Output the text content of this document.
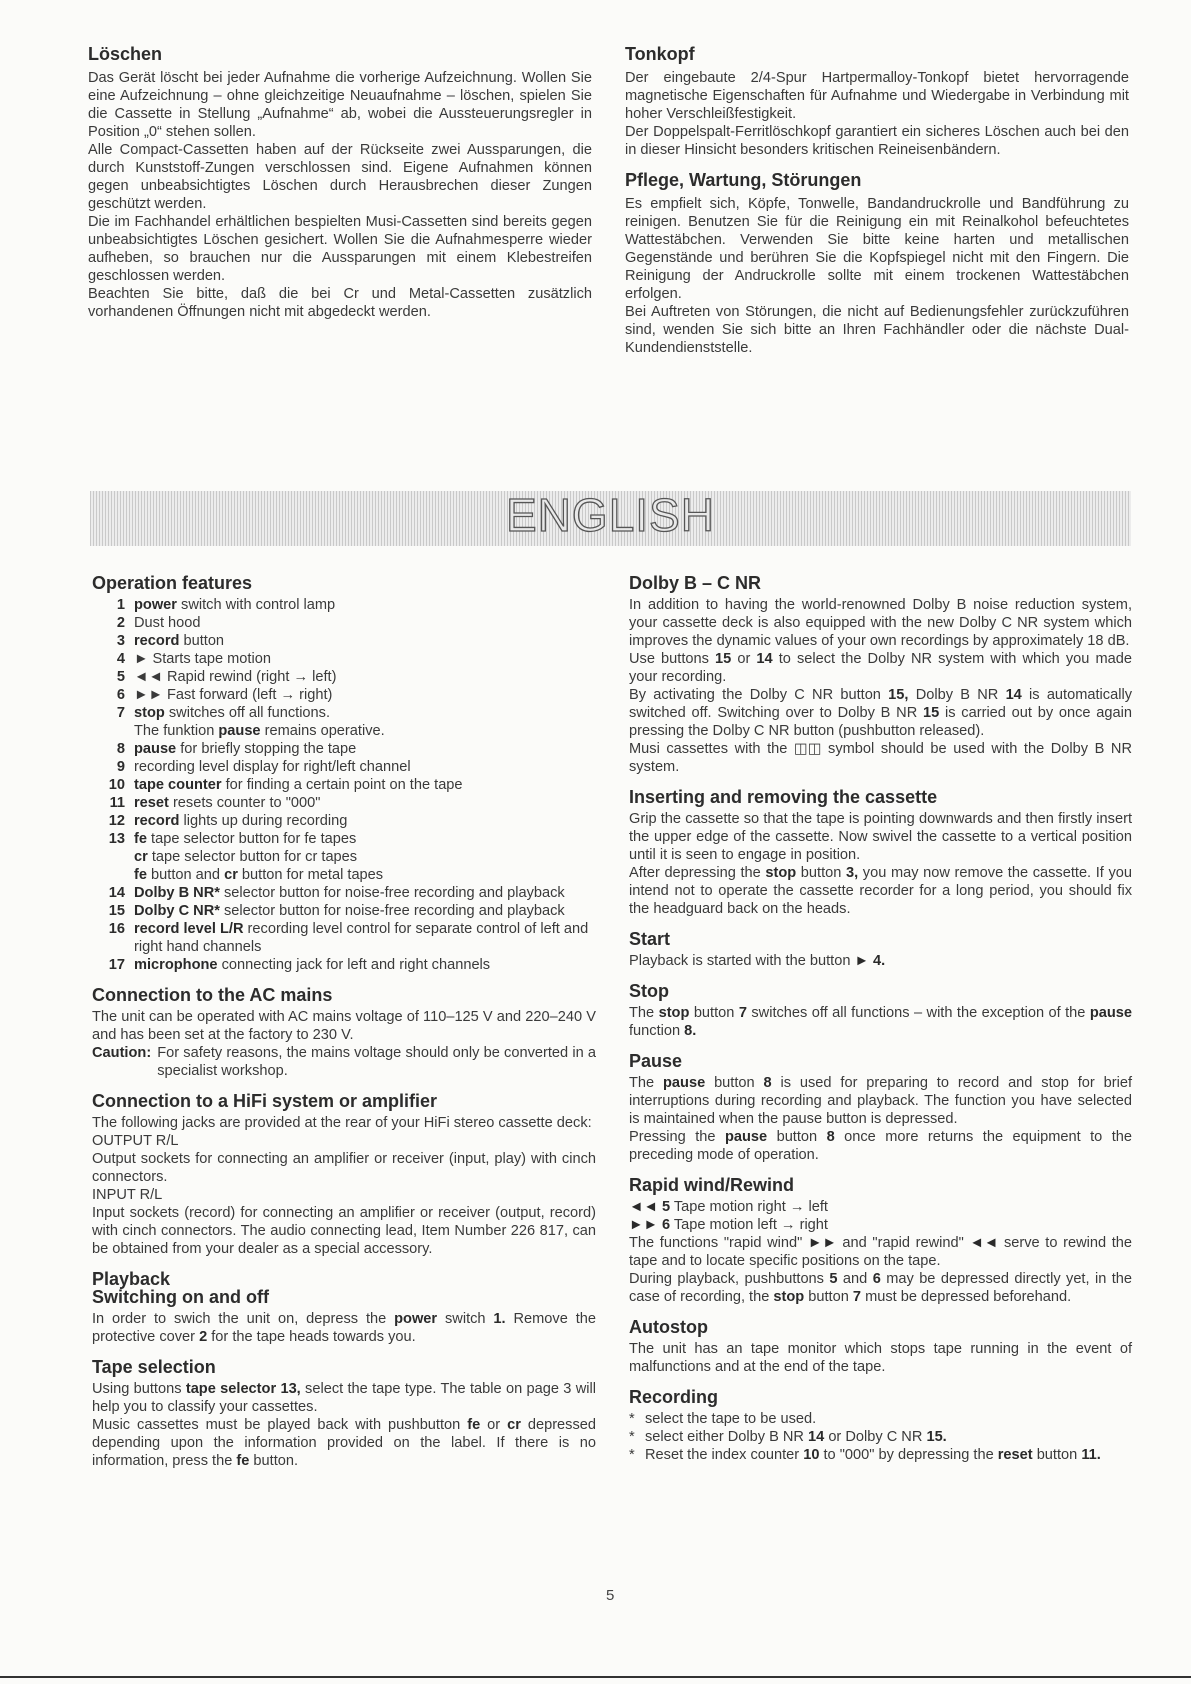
Löschen

Das Gerät löscht bei jeder Aufnahme die vorherige Aufzeichnung. Wollen Sie eine Aufzeichnung – ohne gleichzeitige Neuaufnahme – löschen, spielen Sie die Cassette in Stellung „Aufnahme“ ab, wobei die Aussteuerungsregler in Position „0“ stehen sollen.

Alle Compact-Cassetten haben auf der Rückseite zwei Aussparungen, die durch Kunststoff-Zungen verschlossen sind. Eigene Aufnahmen können gegen unbeabsichtigtes Löschen durch Herausbrechen dieser Zungen geschützt werden.

Die im Fachhandel erhältlichen bespielten Musi-Cassetten sind bereits gegen unbeabsichtigtes Löschen gesichert. Wollen Sie die Aufnahmesperre wieder aufheben, so brauchen nur die Aussparungen mit einem Klebestreifen geschlossen werden.

Beachten Sie bitte, daß die bei Cr und Metal-Cassetten zusätzlich vorhandenen Öffnungen nicht mit abgedeckt werden.

Tonkopf

Der eingebaute 2/4-Spur Hartpermalloy-Tonkopf bietet hervorragende magnetische Eigenschaften für Aufnahme und Wiedergabe in Verbindung mit hoher Verschleißfestigkeit.

Der Doppelspalt-Ferritlöschkopf garantiert ein sicheres Löschen auch bei den in dieser Hinsicht besonders kritischen Reineisenbändern.

Pflege, Wartung, Störungen

Es empfielt sich, Köpfe, Tonwelle, Bandandruckrolle und Bandführung zu reinigen. Benutzen Sie für die Reinigung ein mit Reinalkohol befeuchtetes Wattestäbchen. Verwenden Sie bitte keine harten und metallischen Gegenstände und berühren Sie die Kopfspiegel nicht mit den Fingern. Die Reinigung der Andruckrolle sollte mit einem trockenen Wattestäbchen erfolgen.

Bei Auftreten von Störungen, die nicht auf Bedienungsfehler zurückzuführen sind, wenden Sie sich bitte an Ihren Fachhändler oder die nächste Dual-Kundendienststelle.

ENGLISH
Operation features
1 power switch with control lamp
2 Dust hood
3 record button
4 ► Starts tape motion
5 ◄◄ Rapid rewind (right → left)
6 ►► Fast forward (left → right)
7 stop switches off all functions.
The funktion pause remains operative.
8 pause for briefly stopping the tape
9 recording level display for right/left channel
10 tape counter for finding a certain point on the tape
11 reset resets counter to "000"
12 record lights up during recording
13 fe tape selector button for fe tapes
cr tape selector button for cr tapes
fe button and cr button for metal tapes
14 Dolby B NR* selector button for noise-free recording and playback
15 Dolby C NR* selector button for noise-free recording and playback
16 record level L/R recording level control for separate control of left and right hand channels
17 microphone connecting jack for left and right channels
Connection to the AC mains

The unit can be operated with AC mains voltage of 110–125 V and 220–240 V and has been set at the factory to 230 V.

Caution: For safety reasons, the mains voltage should only be converted in a specialist workshop.
Connection to a HiFi system or amplifier

The following jacks are provided at the rear of your HiFi stereo cassette deck:

OUTPUT R/L

Output sockets for connecting an amplifier or receiver (input, play) with cinch connectors.

INPUT R/L

Input sockets (record) for connecting an amplifier or receiver (output, record) with cinch connectors. The audio connecting lead, Item Number 226 817, can be obtained from your dealer as a special accessory.

Playback
Switching on and off

In order to swich the unit on, depress the power switch 1. Remove the protective cover 2 for the tape heads towards you.

Tape selection

Using buttons tape selector 13, select the tape type. The table on page 3 will help you to classify your cassettes.

Music cassettes must be played back with pushbutton fe or cr depressed depending upon the information provided on the label. If there is no information, press the fe button.

Dolby B – C NR

In addition to having the world-renowned Dolby B noise reduction system, your cassette deck is also equipped with the new Dolby C NR system which improves the dynamic values of your own recordings by approximately 18 dB.

Use buttons 15 or 14 to select the Dolby NR system with which you made your recording.

By activating the Dolby C NR button 15, Dolby B NR 14 is automatically switched off. Switching over to Dolby B NR 15 is carried out by once again pressing the Dolby C NR button (pushbutton released).

Musi cassettes with the ◫◫ symbol should be used with the Dolby B NR system.

Inserting and removing the cassette

Grip the cassette so that the tape is pointing downwards and then firstly insert the upper edge of the cassette. Now swivel the cassette to a vertical position until it is seen to engage in position.

After depressing the stop button 3, you may now remove the cassette. If you intend not to operate the cassette recorder for a long period, you should fix the headguard back on the heads.

Start

Playback is started with the button ► 4.

Stop

The stop button 7 switches off all functions – with the exception of the pause function 8.

Pause

The pause button 8 is used for preparing to record and stop for brief interruptions during recording and playback. The function you have selected is maintained when the pause button is depressed.

Pressing the pause button 8 once more returns the equipment to the preceding mode of operation.

Rapid wind/Rewind

◄◄ 5 Tape motion right → left

►► 6 Tape motion left → right

The functions "rapid wind" ►► and "rapid rewind" ◄◄ serve to rewind the tape and to locate specific positions on the tape.

During playback, pushbuttons 5 and 6 may be depressed directly yet, in the case of recording, the stop button 7 must be depressed beforehand.

Autostop

The unit has an tape monitor which stops tape running in the event of malfunctions and at the end of the tape.

Recording
* select the tape to be used.
* select either Dolby B NR 14 or Dolby C NR 15.
* Reset the index counter 10 to "000" by depressing the reset button 11.
5
